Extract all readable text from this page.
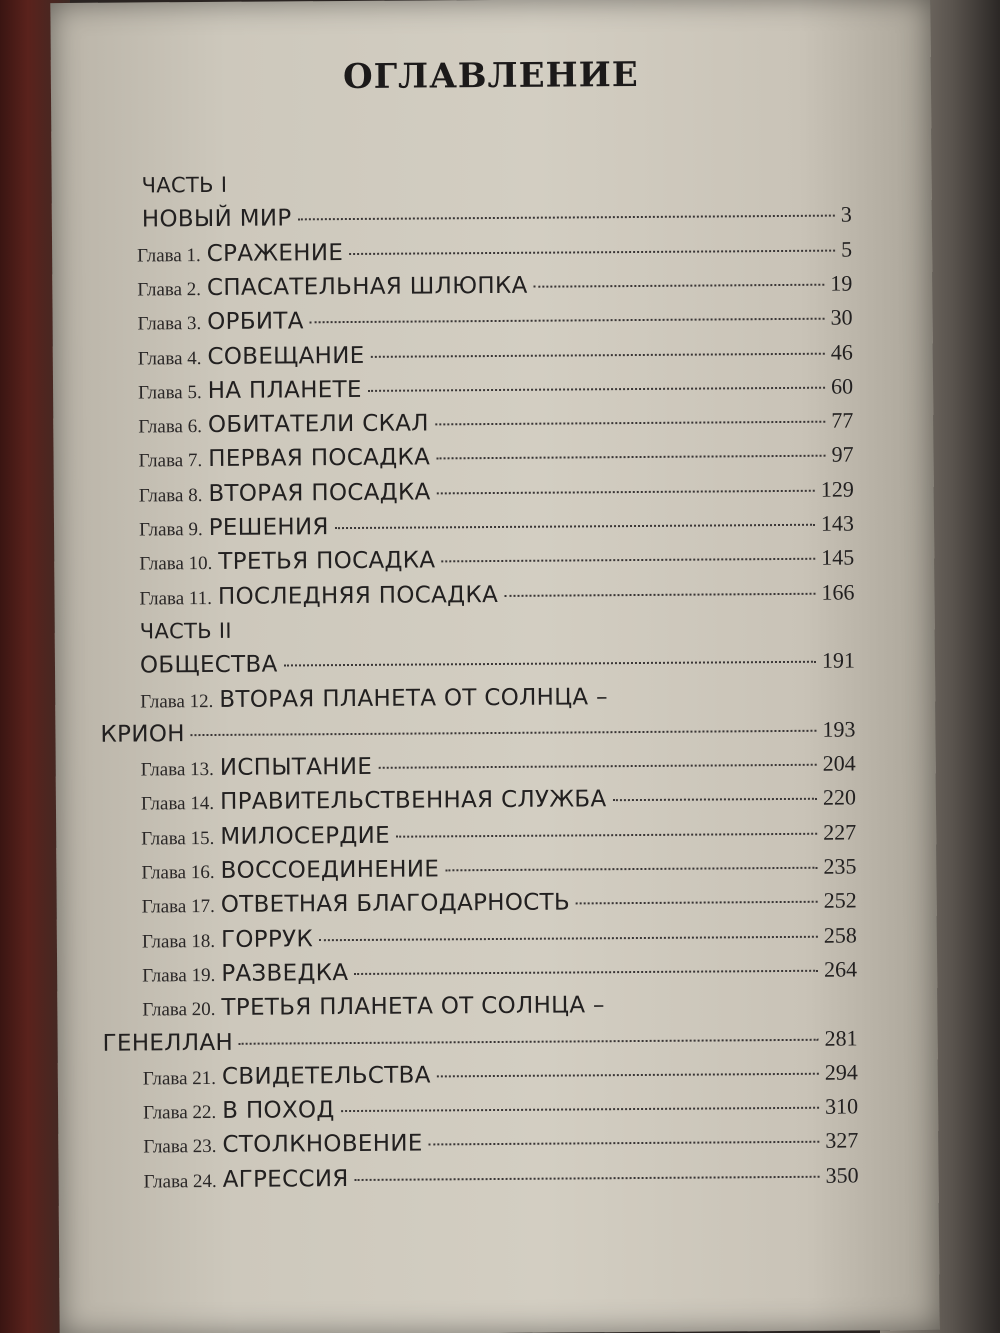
ОГЛАВЛЕНИЕ
ЧАСТЬ I
НОВЫЙ МИР	3
Глава 1. СРАЖЕНИЕ	5
Глава 2. СПАСАТЕЛЬНАЯ ШЛЮПКА	19
Глава 3. ОРБИТА	30
Глава 4. СОВЕЩАНИЕ	46
Глава 5. НА ПЛАНЕТЕ	60
Глава 6. ОБИТАТЕЛИ СКАЛ	77
Глава 7. ПЕРВАЯ ПОСАДКА	97
Глава 8. ВТОРАЯ ПОСАДКА	129
Глава 9. РЕШЕНИЯ	143
Глава 10. ТРЕТЬЯ ПОСАДКА	145
Глава 11. ПОСЛЕДНЯЯ ПОСАДКА	166
ЧАСТЬ II
ОБЩЕСТВА	191
Глава 12. ВТОРАЯ ПЛАНЕТА ОТ СОЛНЦА –
КРИОН	193
Глава 13. ИСПЫТАНИЕ	204
Глава 14. ПРАВИТЕЛЬСТВЕННАЯ СЛУЖБА	220
Глава 15. МИЛОСЕРДИЕ	227
Глава 16. ВОССОЕДИНЕНИЕ	235
Глава 17. ОТВЕТНАЯ БЛАГОДАРНОСТЬ	252
Глава 18. ГОРРУК	258
Глава 19. РАЗВЕДКА	264
Глава 20. ТРЕТЬЯ ПЛАНЕТА ОТ СОЛНЦА –
ГЕНЕЛЛАН	281
Глава 21. СВИДЕТЕЛЬСТВА	294
Глава 22. В ПОХОД	310
Глава 23. СТОЛКНОВЕНИЕ	327
Глава 24. АГРЕССИЯ	350
